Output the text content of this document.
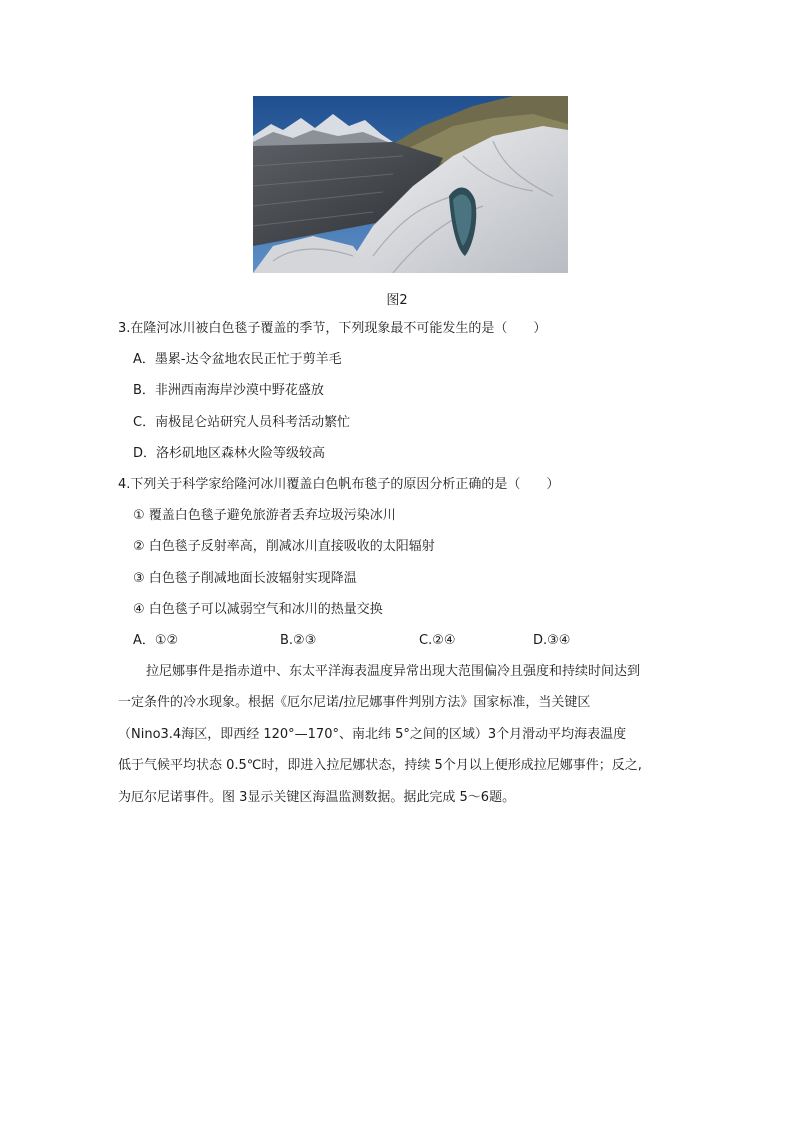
图2
3.在隆河冰川被白色毯子覆盖的季节，下列现象最不可能发生的是（　　）
A．墨累-达令盆地农民正忙于剪羊毛
B．非洲西南海岸沙漠中野花盛放
C．南极昆仑站研究人员科考活动繁忙
D．洛杉矶地区森林火险等级较高
4.下列关于科学家给隆河冰川覆盖白色帆布毯子的原因分析正确的是（　　）
① 覆盖白色毯子避免旅游者丢弃垃圾污染冰川
② 白色毯子反射率高，削减冰川直接吸收的太阳辐射
③ 白色毯子削减地面长波辐射实现降温
④ 白色毯子可以减弱空气和冰川的热量交换
A．①②	B.②③	C.②④	D.③④
拉尼娜事件是指赤道中、东太平洋海表温度异常出现大范围偏冷且强度和持续时间达到
一定条件的冷水现象。根据《厄尔尼诺/拉尼娜事件判别方法》国家标准，当关键区
（Nino3.4海区，即西经 120°—170°、南北纬 5°之间的区域）3个月滑动平均海表温度
低于气候平均状态 0.5℃时，即进入拉尼娜状态，持续 5个月以上便形成拉尼娜事件；反之,
为厄尔尼诺事件。图 3显示关键区海温监测数据。据此完成 5～6题。
